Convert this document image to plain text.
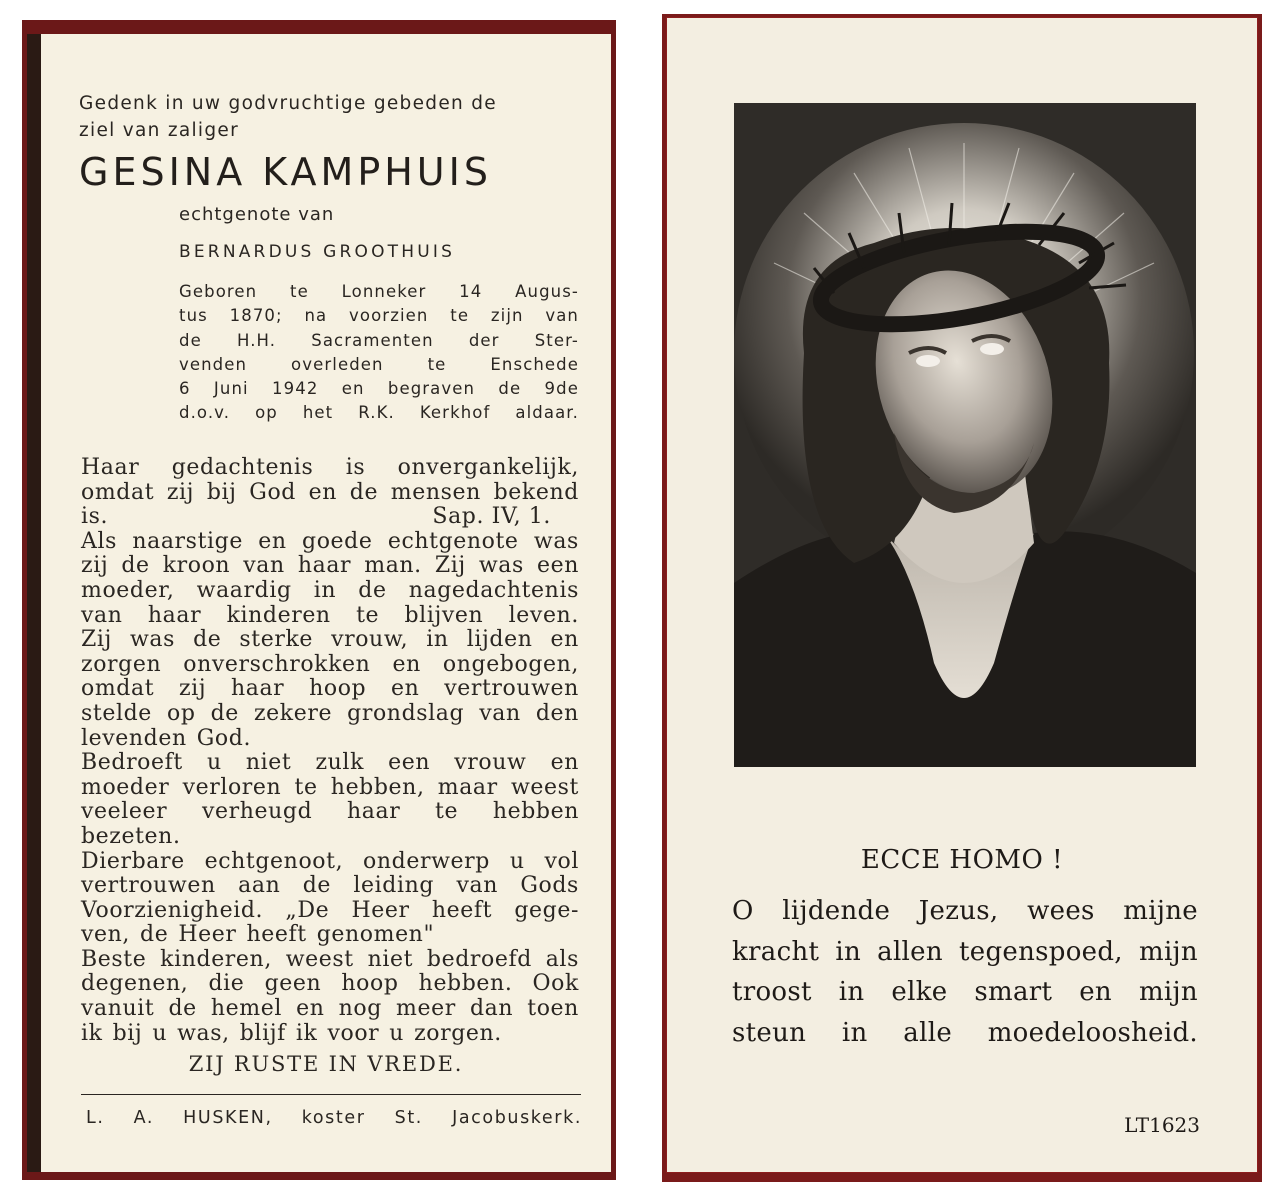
Gedenk in uw godvruchtige gebeden de
ziel van zaliger
GESINA KAMPHUIS
echtgenote van
BERNARDUS GROOTHUIS
Geboren te Lonneker 14 Augus-
tus 1870; na voorzien te zijn van
de H.H. Sacramenten der Ster-
venden overleden te Enschede
6 Juni 1942 en begraven de 9de
d.o.v. op het R.K. Kerkhof aldaar.
Haar gedachtenis is onvergankelijk,
omdat zij bij God en de mensen bekend
is.	Sap. IV, 1.
Als naarstige en goede echtgenote was
zij de kroon van haar man. Zij was een
moeder, waardig in de nagedachtenis
van haar kinderen te blijven leven.
Zij was de sterke vrouw, in lijden en
zorgen onverschrokken en ongebogen,
omdat zij haar hoop en vertrouwen
stelde op de zekere grondslag van den
levenden God.
Bedroeft u niet zulk een vrouw en
moeder verloren te hebben, maar weest
veeleer verheugd haar te hebben
bezeten.
Dierbare echtgenoot, onderwerp u vol
vertrouwen aan de leiding van Gods
Voorzienigheid. „De Heer heeft gege-
ven, de Heer heeft genomen"
Beste kinderen, weest niet bedroefd als
degenen, die geen hoop hebben. Ook
vanuit de hemel en nog meer dan toen
ik bij u was, blijf ik voor u zorgen.
ZIJ RUSTE IN VREDE.
L. A. HUSKEN, koster St. Jacobuskerk.
ECCE HOMO !
O lijdende Jezus, wees mijne
kracht in allen tegenspoed, mijn
troost in elke smart en mijn
steun in alle moedeloosheid.
LT1623
